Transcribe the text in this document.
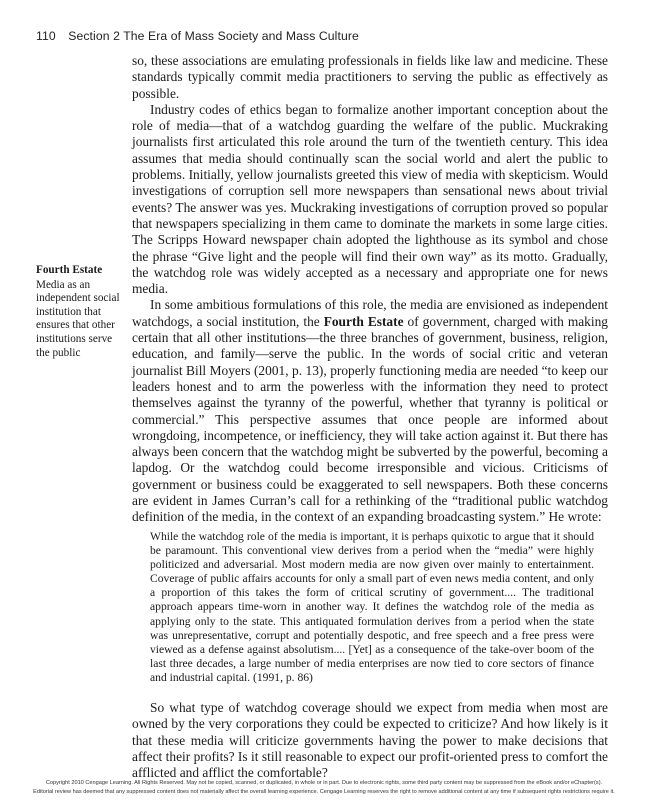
110 Section 2 The Era of Mass Society and Mass Culture

so, these associations are emulating professionals in fields like law and medicine. These standards typically commit media practitioners to serving the public as effectively as possible.

Industry codes of ethics began to formalize another important conception about the role of media—that of a watchdog guarding the welfare of the public. Muckraking journalists first articulated this role around the turn of the twentieth century. This idea assumes that media should continually scan the social world and alert the public to problems. Initially, yellow journalists greeted this view of media with skepticism. Would investigations of corruption sell more newspapers than sensational news about trivial events? The answer was yes. Muckraking investigations of corruption proved so popular that newspapers specializing in them came to dominate the markets in some large cities. The Scripps Howard newspaper chain adopted the lighthouse as its symbol and chose the phrase “Give light and the people will find their own way” as its motto. Gradually, the watchdog role was widely accepted as a necessary and appropriate one for news media.

In some ambitious formulations of this role, the media are envisioned as independent watchdogs, a social institution, the Fourth Estate of government, charged with making certain that all other institutions—the three branches of government, business, religion, education, and family—serve the public. In the words of social critic and veteran journalist Bill Moyers (2001, p. 13), properly functioning media are needed “to keep our leaders honest and to arm the powerless with the information they need to protect themselves against the tyranny of the powerful, whether that tyranny is political or commercial.” This perspective assumes that once people are informed about wrongdoing, incompetence, or inefficiency, they will take action against it. But there has always been concern that the watchdog might be subverted by the powerful, becoming a lapdog. Or the watchdog could become irresponsible and vicious. Criticisms of government or business could be exaggerated to sell newspapers. Both these concerns are evident in James Curran’s call for a rethinking of the “traditional public watchdog definition of the media, in the context of an expanding broadcasting system.” He wrote:

While the watchdog role of the media is important, it is perhaps quixotic to argue that it should be paramount. This conventional view derives from a period when the “media” were highly politicized and adversarial. Most modern media are now given over mainly to entertainment. Coverage of public affairs accounts for only a small part of even news media content, and only a proportion of this takes the form of critical scrutiny of government.... The traditional approach appears time-worn in another way. It defines the watchdog role of the media as applying only to the state. This antiquated formulation derives from a period when the state was unrepresentative, corrupt and potentially despotic, and free speech and a free press were viewed as a defense against absolutism.... [Yet] as a consequence of the take-over boom of the last three decades, a large number of media enterprises are now tied to core sectors of finance and industrial capital. (1991, p. 86)
So what type of watchdog coverage should we expect from media when most are owned by the very corporations they could be expected to criticize? And how likely is it that these media will criticize governments having the power to make decisions that affect their profits? Is it still reasonable to expect our profit-oriented press to comfort the afflicted and afflict the comfortable?
Fourth Estate
Media as an independent social institution that ensures that other institutions serve the public
Copyright 2010 Cengage Learning. All Rights Reserved. May not be copied, scanned, or duplicated, in whole or in part. Due to electronic rights, some third party content may be suppressed from the eBook and/or eChapter(s).
Editorial review has deemed that any suppressed content does not materially affect the overall learning experience. Cengage Learning reserves the right to remove additional content at any time if subsequent rights restrictions require it.
